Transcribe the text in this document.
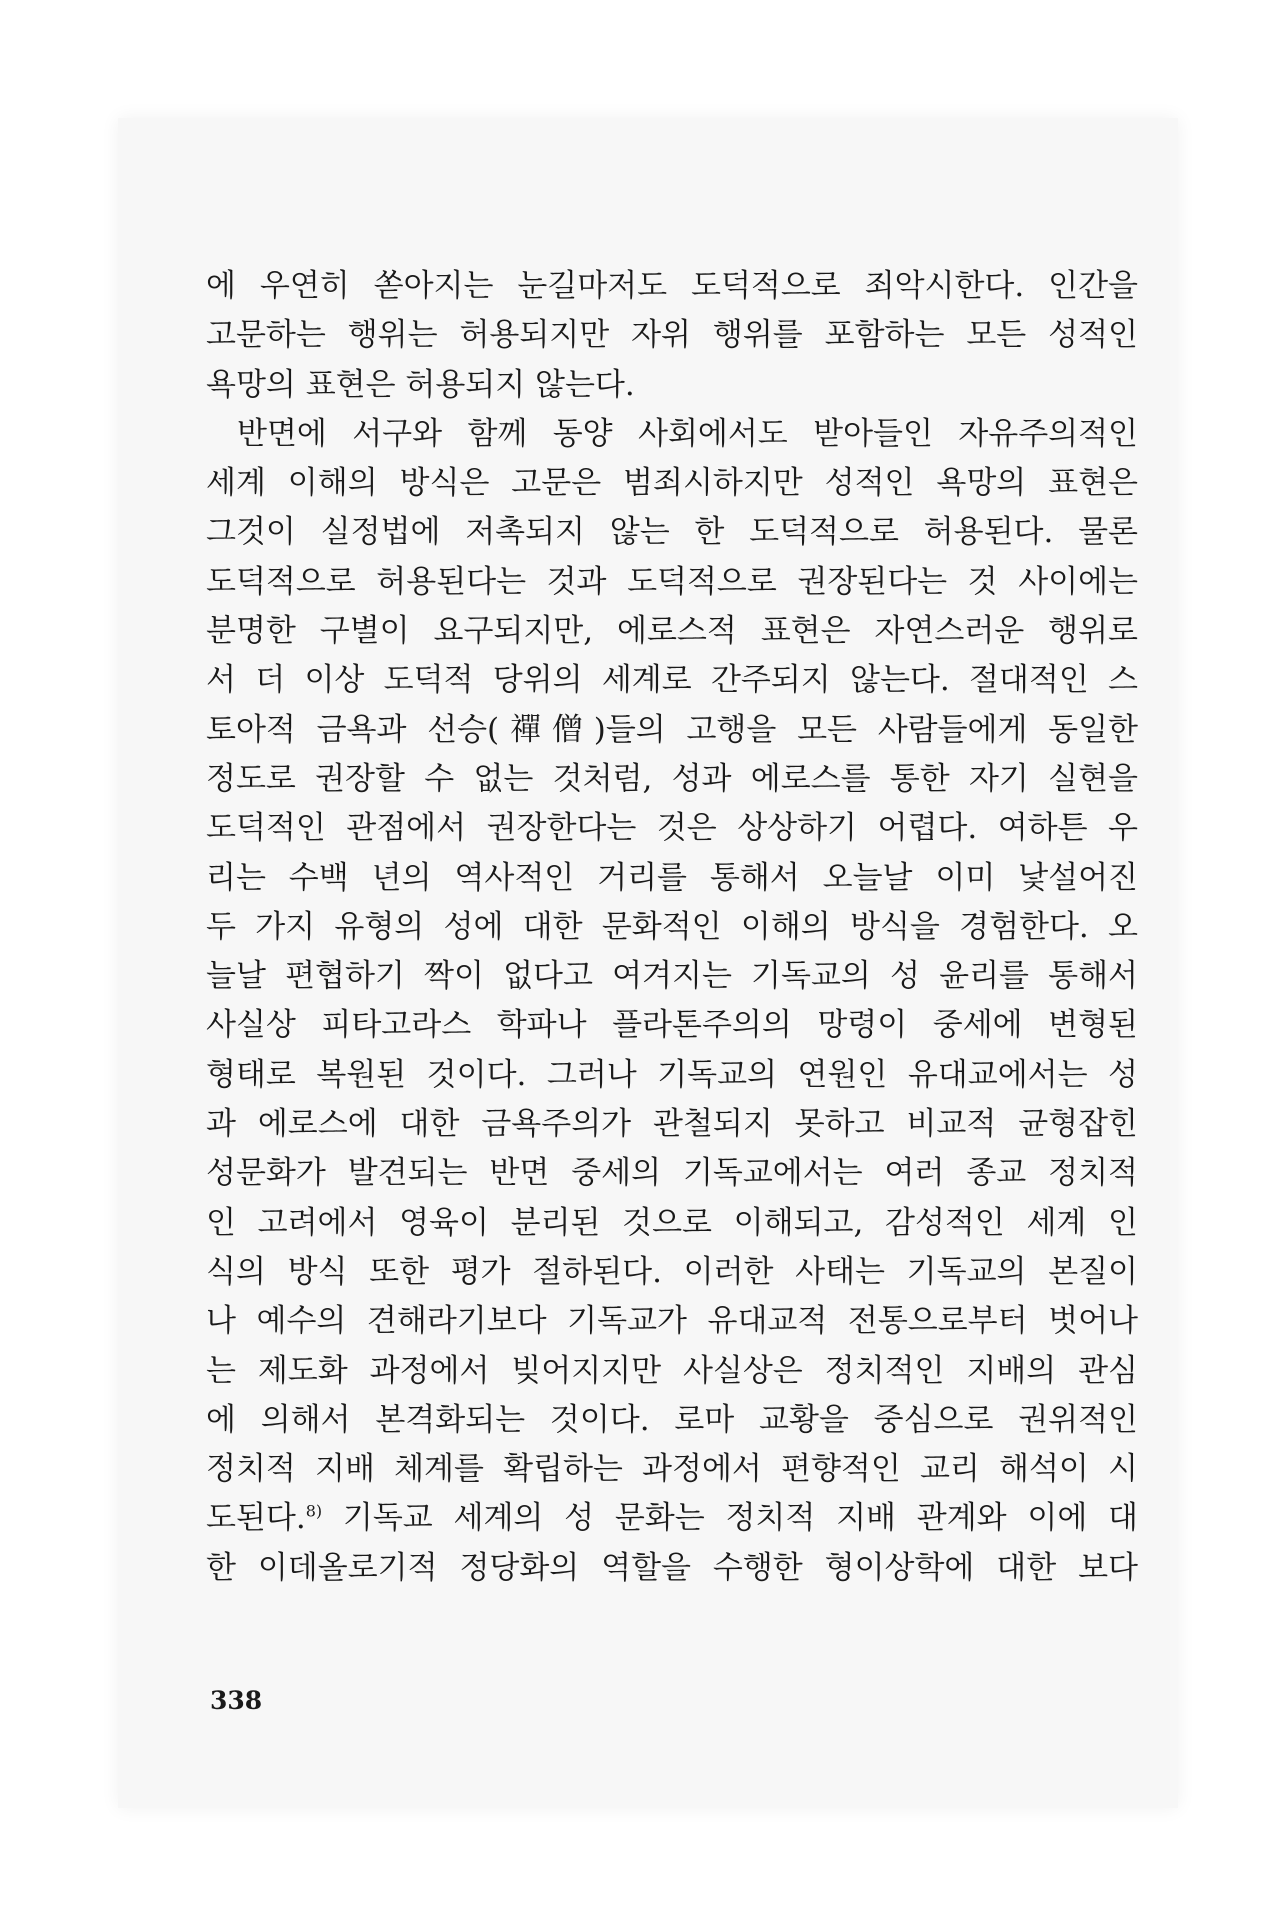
에 우연히 쏟아지는 눈길마저도 도덕적으로 죄악시한다. 인간을
고문하는 행위는 허용되지만 자위 행위를 포함하는 모든 성적인
욕망의 표현은 허용되지 않는다.
반면에 서구와 함께 동양 사회에서도 받아들인 자유주의적인
세계 이해의 방식은 고문은 범죄시하지만 성적인 욕망의 표현은
그것이 실정법에 저촉되지 않는 한 도덕적으로 허용된다. 물론
도덕적으로 허용된다는 것과 도덕적으로 권장된다는 것 사이에는
분명한 구별이 요구되지만, 에로스적 표현은 자연스러운 행위로
서 더 이상 도덕적 당위의 세계로 간주되지 않는다. 절대적인 스
토아적 금욕과 선승(禪僧)들의 고행을 모든 사람들에게 동일한
정도로 권장할 수 없는 것처럼, 성과 에로스를 통한 자기 실현을
도덕적인 관점에서 권장한다는 것은 상상하기 어렵다. 여하튼 우
리는 수백 년의 역사적인 거리를 통해서 오늘날 이미 낯설어진
두 가지 유형의 성에 대한 문화적인 이해의 방식을 경험한다. 오
늘날 편협하기 짝이 없다고 여겨지는 기독교의 성 윤리를 통해서
사실상 피타고라스 학파나 플라톤주의의 망령이 중세에 변형된
형태로 복원된 것이다. 그러나 기독교의 연원인 유대교에서는 성
과 에로스에 대한 금욕주의가 관철되지 못하고 비교적 균형잡힌
성문화가 발견되는 반면 중세의 기독교에서는 여러 종교 정치적
인 고려에서 영육이 분리된 것으로 이해되고, 감성적인 세계 인
식의 방식 또한 평가 절하된다. 이러한 사태는 기독교의 본질이
나 예수의 견해라기보다 기독교가 유대교적 전통으로부터 벗어나
는 제도화 과정에서 빚어지지만 사실상은 정치적인 지배의 관심
에 의해서 본격화되는 것이다. 로마 교황을 중심으로 권위적인
정치적 지배 체계를 확립하는 과정에서 편향적인 교리 해석이 시
도된다.$^{8)}$ 기독교 세계의 성 문화는 정치적 지배 관계와 이에 대
한 이데올로기적 정당화의 역할을 수행한 형이상학에 대한 보다
338
